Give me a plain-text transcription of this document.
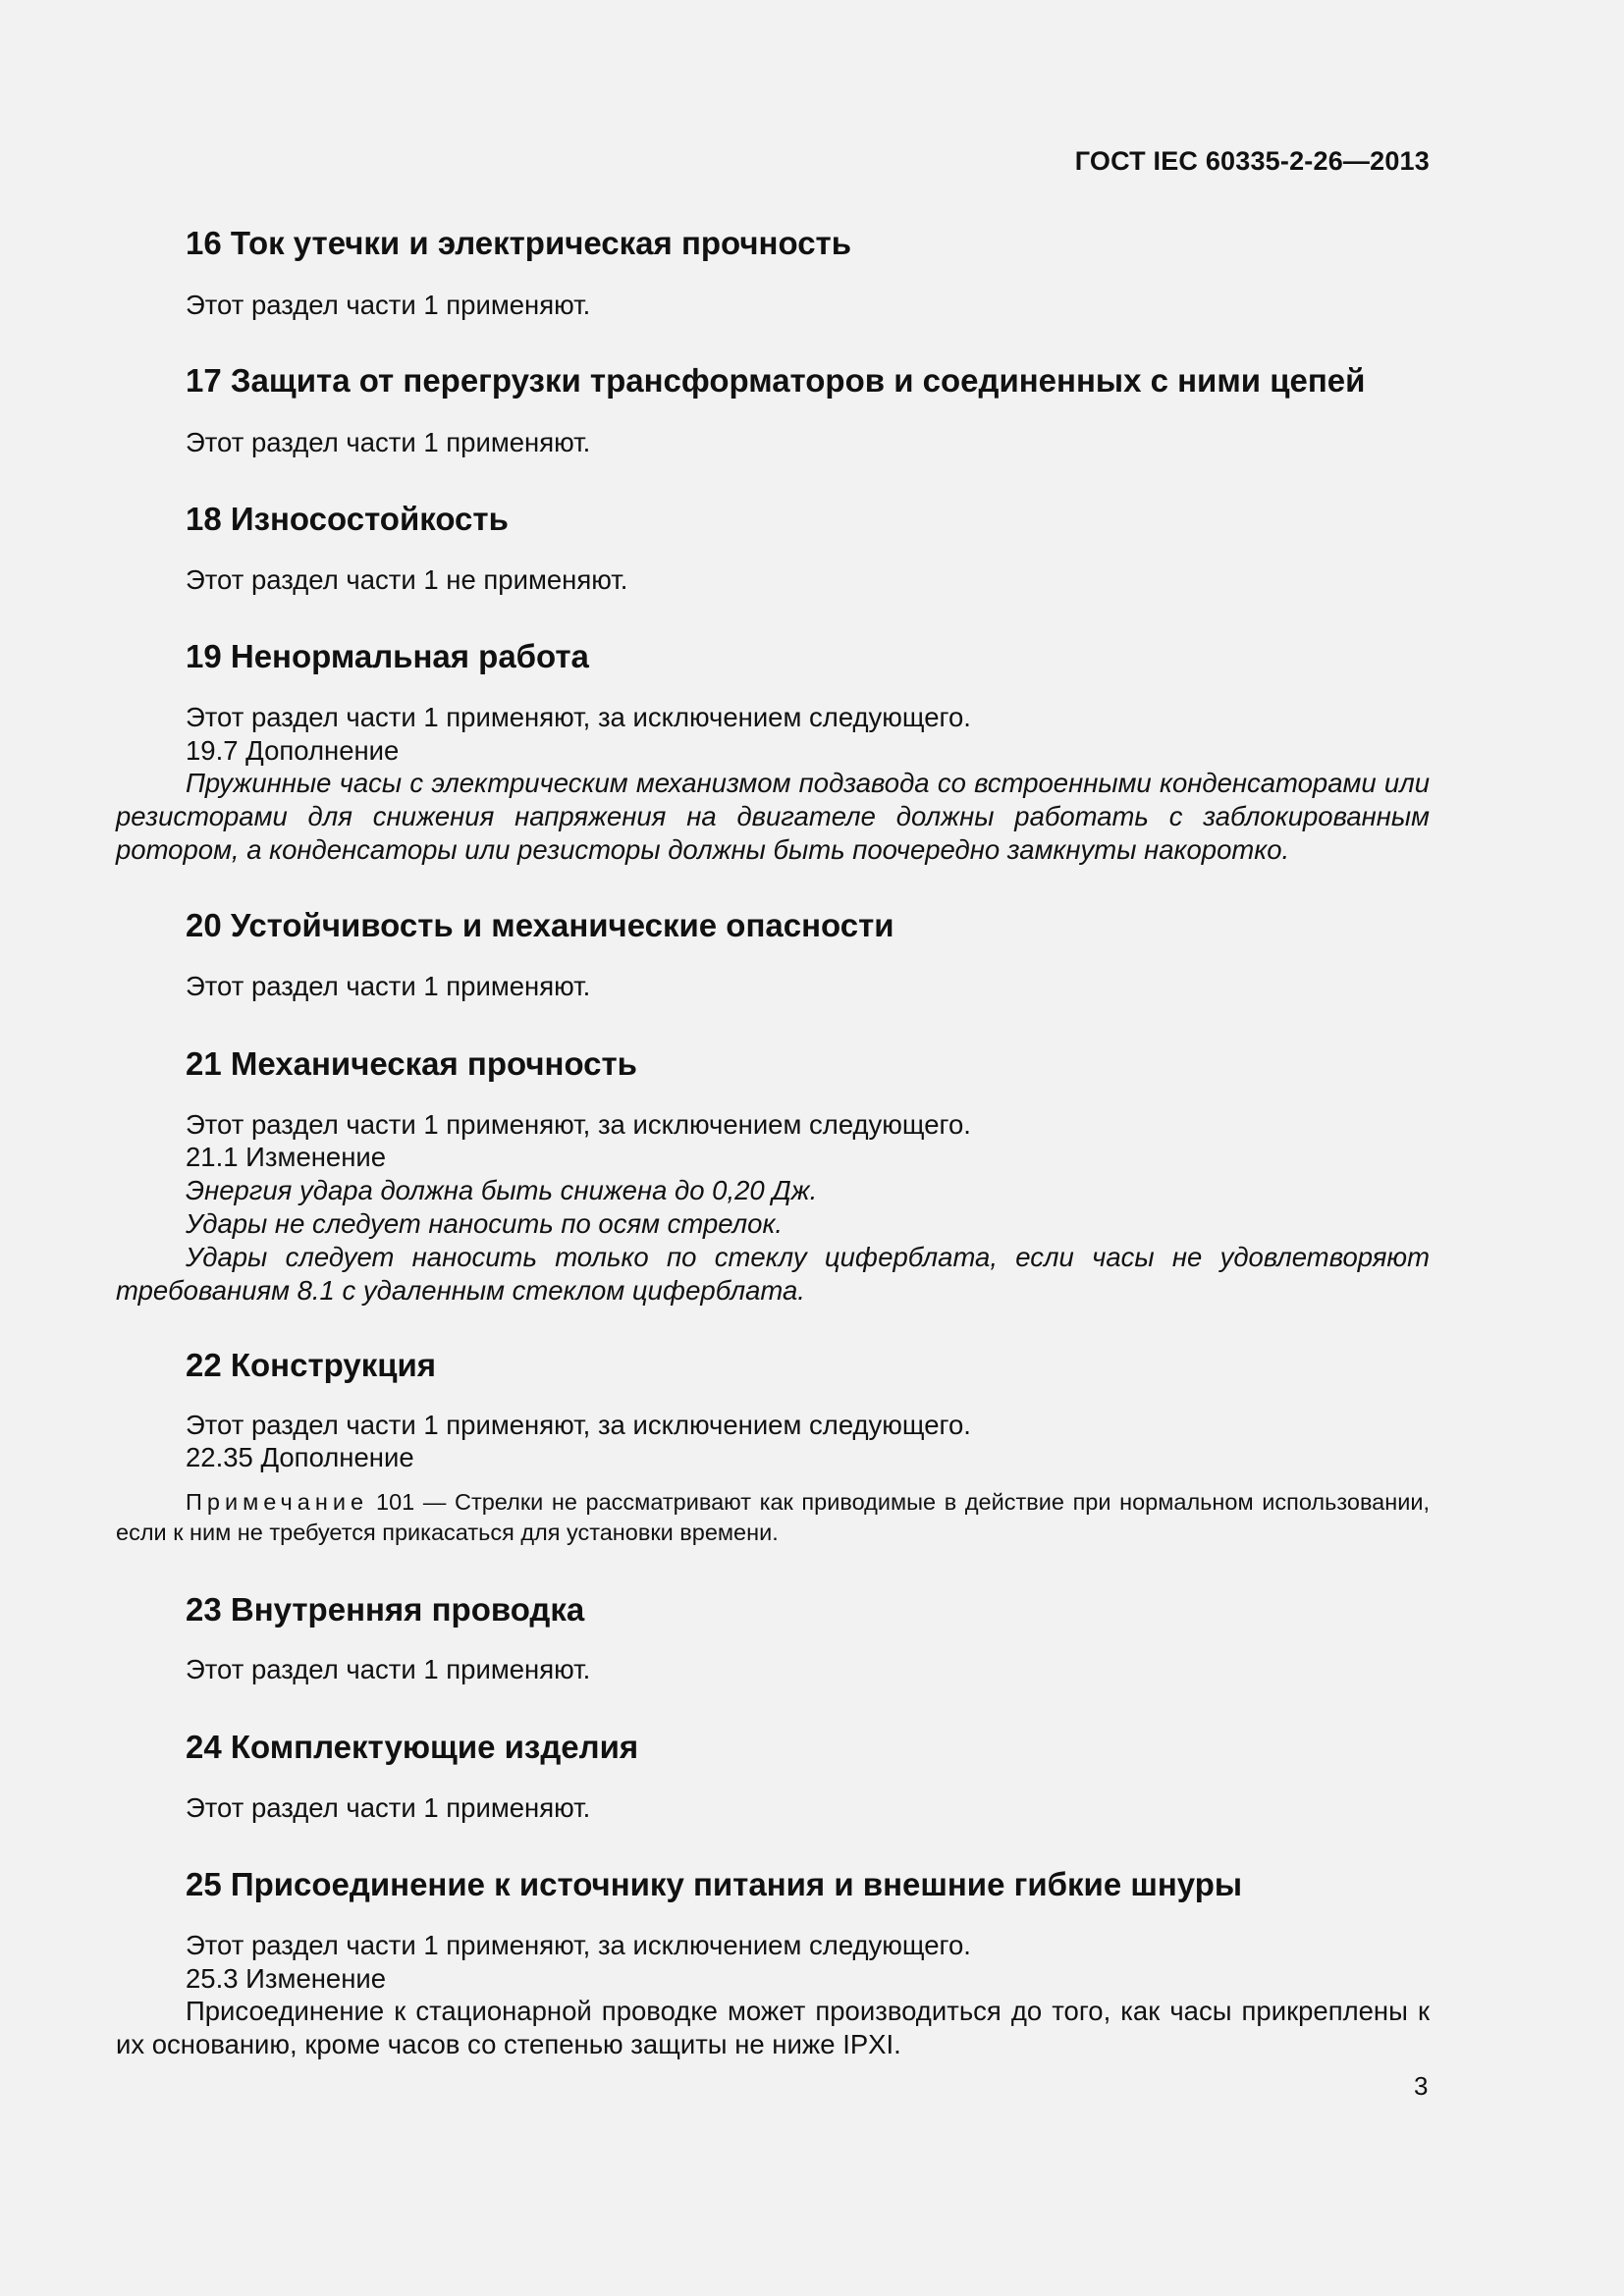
ГОСТ IEC 60335-2-26—2013
16 Ток утечки и электрическая прочность
Этот раздел части 1 применяют.
17 Защита от перегрузки трансформаторов и соединенных с ними цепей
Этот раздел части 1 применяют.
18 Износостойкость
Этот раздел части 1 не применяют.
19 Ненормальная работа
Этот раздел части 1 применяют, за исключением следующего.
19.7 Дополнение
Пружинные часы с электрическим механизмом подзавода со встроенными конденсаторами или резисторами для снижения напряжения на двигателе должны работать с заблокированным ротором, а конденсаторы или резисторы должны быть поочередно замкнуты накоротко.
20 Устойчивость и механические опасности
Этот раздел части 1 применяют.
21 Механическая прочность
Этот раздел части 1 применяют, за исключением следующего.
21.1 Изменение
Энергия удара должна быть снижена до 0,20 Дж.
Удары не следует наносить по осям стрелок.
Удары следует наносить только по стеклу циферблата, если часы не удовлетворяют требованиям 8.1 с удаленным стеклом циферблата.
22 Конструкция
Этот раздел части 1 применяют, за исключением следующего.
22.35 Дополнение
Примечание 101 — Стрелки не рассматривают как приводимые в действие при нормальном использовании, если к ним не требуется прикасаться для установки времени.
23 Внутренняя проводка
Этот раздел части 1 применяют.
24 Комплектующие изделия
Этот раздел части 1 применяют.
25 Присоединение к источнику питания и внешние гибкие шнуры
Этот раздел части 1 применяют, за исключением следующего.
25.3 Изменение
Присоединение к стационарной проводке может производиться до того, как часы прикреплены к их основанию, кроме часов со степенью защиты не ниже IPXI.
3
